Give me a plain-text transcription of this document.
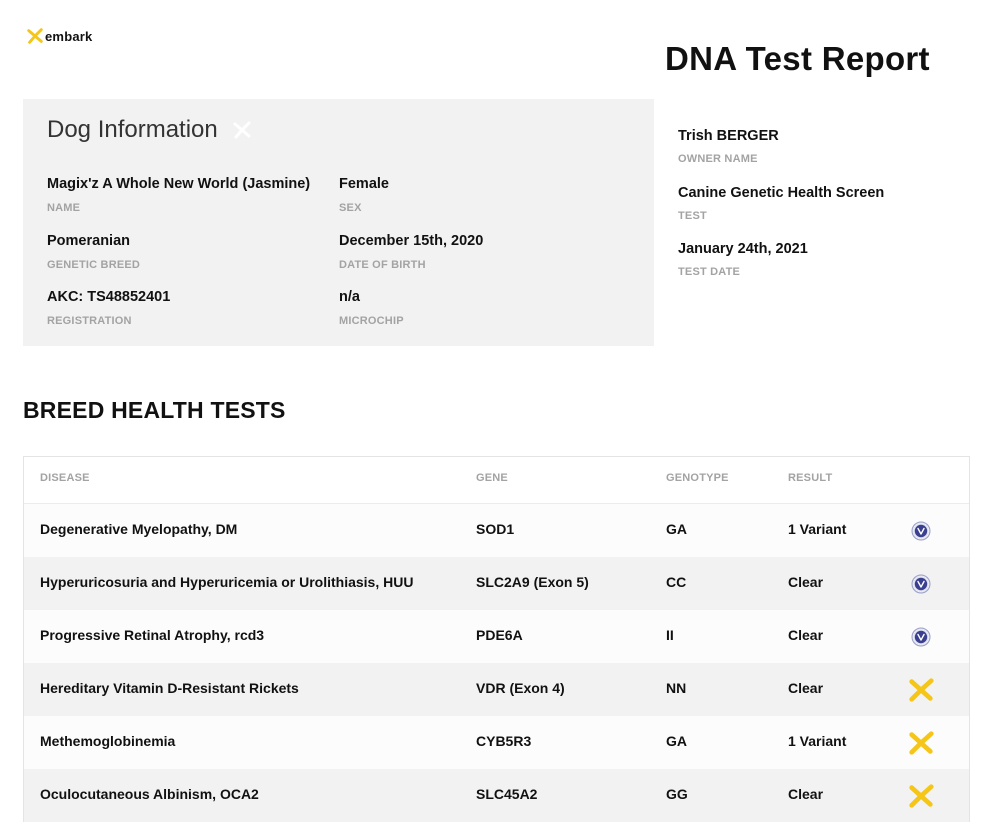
embark
DNA Test Report
Dog Information
Magix'z A Whole New World (Jasmine)
NAME
Female
SEX
Pomeranian
GENETIC BREED
December 15th, 2020
DATE OF BIRTH
AKC: TS48852401
REGISTRATION
n/a
MICROCHIP
Trish BERGER
OWNER NAME
Canine Genetic Health Screen
TEST
January 24th, 2021
TEST DATE
BREED HEALTH TESTS
DISEASE	GENE	GENOTYPE	RESULT
Degenerative Myelopathy, DM	SOD1	GA	1 Variant
Hyperuricosuria and Hyperuricemia or Urolithiasis, HUU	SLC2A9 (Exon 5)	CC	Clear
Progressive Retinal Atrophy, rcd3	PDE6A	II	Clear
Hereditary Vitamin D-Resistant Rickets	VDR (Exon 4)	NN	Clear
Methemoglobinemia	CYB5R3	GA	1 Variant
Oculocutaneous Albinism, OCA2	SLC45A2	GG	Clear
